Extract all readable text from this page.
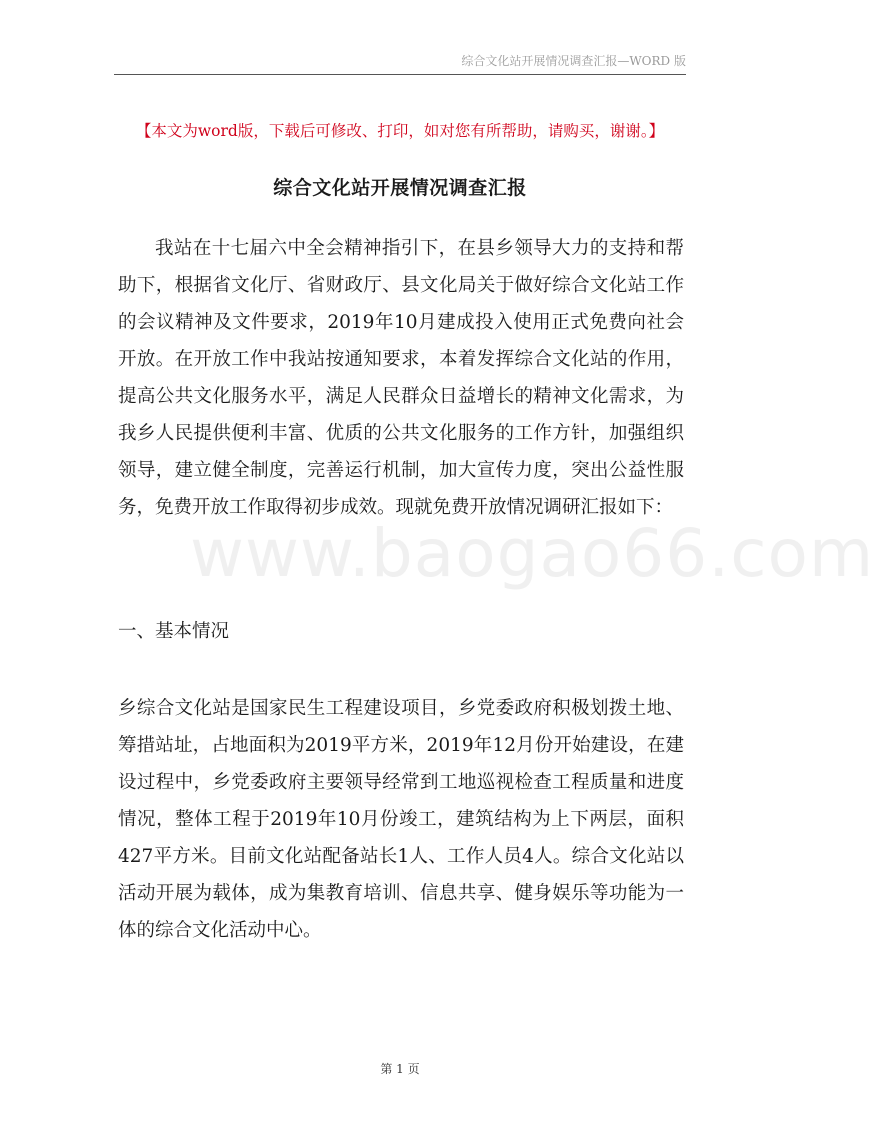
综合文化站开展情况调查汇报—WORD 版
【本文为word版，下载后可修改、打印，如对您有所帮助，请购买，谢谢。】
综合文化站开展情况调查汇报
www.baogao66.com

我站在十七届六中全会精神指引下，在县乡领导大力的支持和帮助下，根据省文化厅、省财政厅、县文化局关于做好综合文化站工作的会议精神及文件要求，2019年10月建成投入使用正式免费向社会开放。在开放工作中我站按通知要求，本着发挥综合文化站的作用，提高公共文化服务水平，满足人民群众日益增长的精神文化需求，为我乡人民提供便利丰富、优质的公共文化服务的工作方针，加强组织领导，建立健全制度，完善运行机制，加大宣传力度，突出公益性服务，免费开放工作取得初步成效。现就免费开放情况调研汇报如下：

一、基本情况

乡综合文化站是国家民生工程建设项目，乡党委政府积极划拨土地、筹措站址，占地面积为2019平方米，2019年12月份开始建设，在建设过程中，乡党委政府主要领导经常到工地巡视检查工程质量和进度情况，整体工程于2019年10月份竣工，建筑结构为上下两层，面积427平方米。目前文化站配备站长1人、工作人员4人。综合文化站以活动开展为载体，成为集教育培训、信息共享、健身娱乐等功能为一体的综合文化活动中心。

第 1 页
